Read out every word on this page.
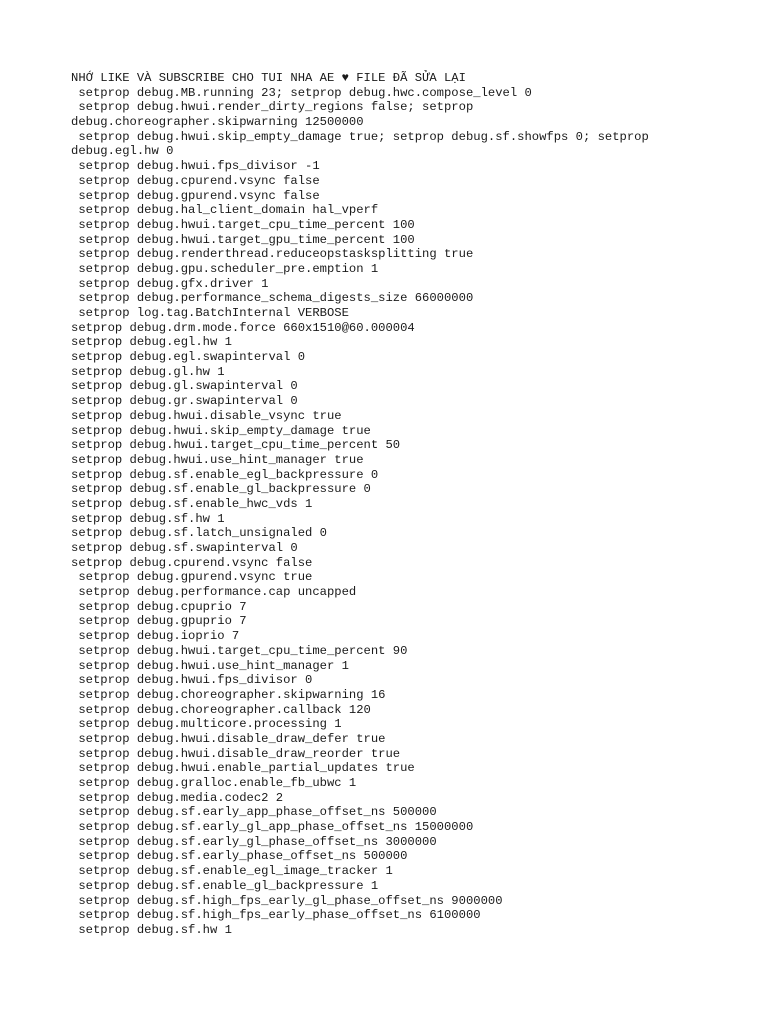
NHỚ LIKE VÀ SUBSCRIBE CHO TUI NHA AE ♥ FILE ĐÃ SỬA LẠI
setprop debug.MB.running 23; setprop debug.hwc.compose_level 0
setprop debug.hwui.render_dirty_regions false; setprop
debug.choreographer.skipwarning 12500000
setprop debug.hwui.skip_empty_damage true; setprop debug.sf.showfps 0; setprop
debug.egl.hw 0
setprop debug.hwui.fps_divisor -1
setprop debug.cpurend.vsync false
setprop debug.gpurend.vsync false
setprop debug.hal_client_domain hal_vperf
setprop debug.hwui.target_cpu_time_percent 100
setprop debug.hwui.target_gpu_time_percent 100
setprop debug.renderthread.reduceopstasksplitting true
setprop debug.gpu.scheduler_pre.emption 1
setprop debug.gfx.driver 1
setprop debug.performance_schema_digests_size 66000000
setprop log.tag.BatchInternal VERBOSE
setprop debug.drm.mode.force 660x1510@60.000004
setprop debug.egl.hw 1
setprop debug.egl.swapinterval 0
setprop debug.gl.hw 1
setprop debug.gl.swapinterval 0
setprop debug.gr.swapinterval 0
setprop debug.hwui.disable_vsync true
setprop debug.hwui.skip_empty_damage true
setprop debug.hwui.target_cpu_time_percent 50
setprop debug.hwui.use_hint_manager true
setprop debug.sf.enable_egl_backpressure 0
setprop debug.sf.enable_gl_backpressure 0
setprop debug.sf.enable_hwc_vds 1
setprop debug.sf.hw 1
setprop debug.sf.latch_unsignaled 0
setprop debug.sf.swapinterval 0
setprop debug.cpurend.vsync false
setprop debug.gpurend.vsync true
setprop debug.performance.cap uncapped
setprop debug.cpuprio 7
setprop debug.gpuprio 7
setprop debug.ioprio 7
setprop debug.hwui.target_cpu_time_percent 90
setprop debug.hwui.use_hint_manager 1
setprop debug.hwui.fps_divisor 0
setprop debug.choreographer.skipwarning 16
setprop debug.choreographer.callback 120
setprop debug.multicore.processing 1
setprop debug.hwui.disable_draw_defer true
setprop debug.hwui.disable_draw_reorder true
setprop debug.hwui.enable_partial_updates true
setprop debug.gralloc.enable_fb_ubwc 1
setprop debug.media.codec2 2
setprop debug.sf.early_app_phase_offset_ns 500000
setprop debug.sf.early_gl_app_phase_offset_ns 15000000
setprop debug.sf.early_gl_phase_offset_ns 3000000
setprop debug.sf.early_phase_offset_ns 500000
setprop debug.sf.enable_egl_image_tracker 1
setprop debug.sf.enable_gl_backpressure 1
setprop debug.sf.high_fps_early_gl_phase_offset_ns 9000000
setprop debug.sf.high_fps_early_phase_offset_ns 6100000
setprop debug.sf.hw 1
